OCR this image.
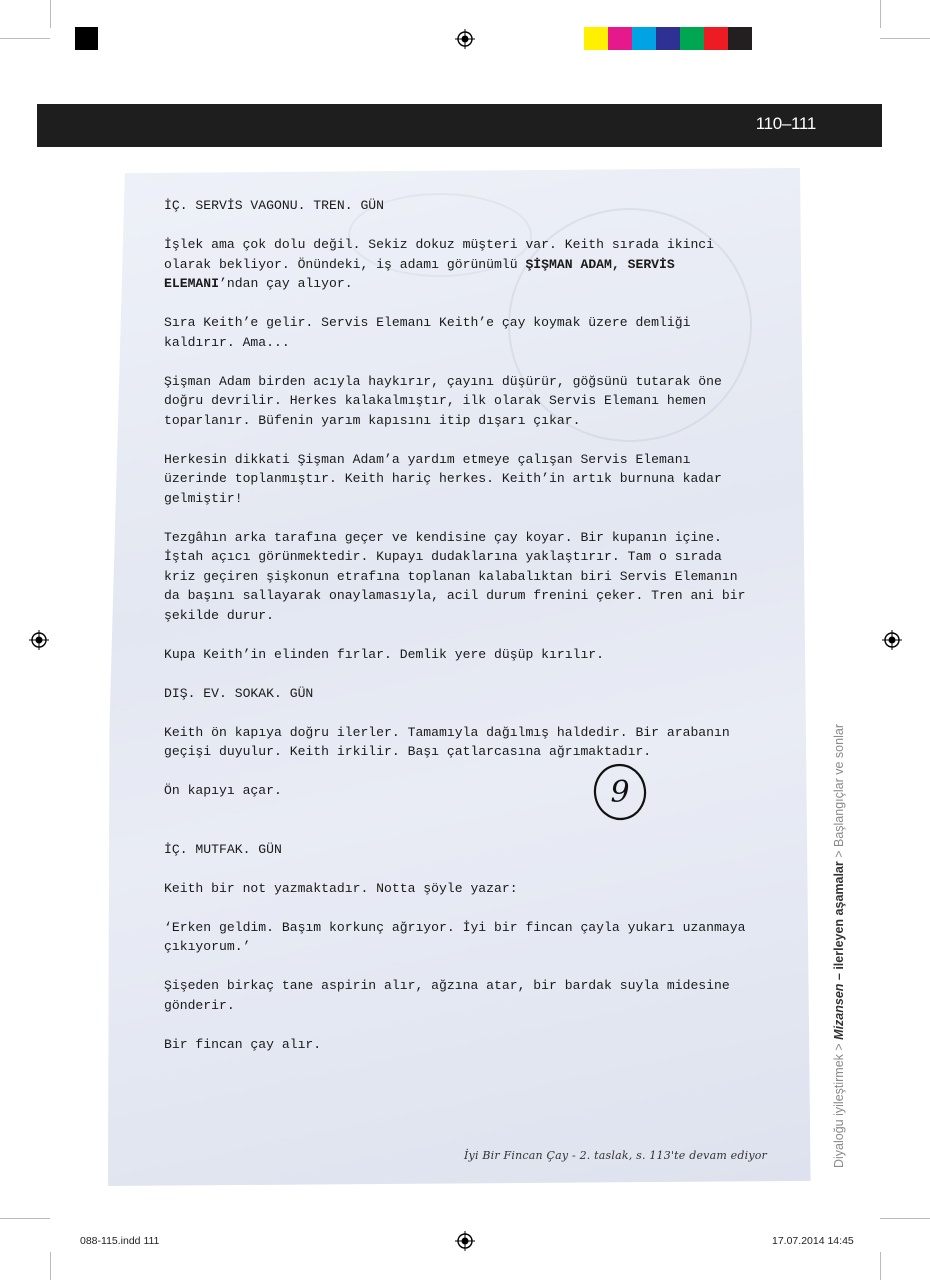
110–111

İÇ. SERVİS VAGONU. TREN. GÜN

İşlek ama çok dolu değil. Sekiz dokuz müşteri var. Keith sırada ikinci
olarak bekliyor. Önündeki, iş adamı görünümlü ŞİŞMAN ADAM, SERVİS
ELEMANI’ndan çay alıyor.

Sıra Keith’e gelir. Servis Elemanı Keith’e çay koymak üzere demliği
kaldırır. Ama...

Şişman Adam birden acıyla haykırır, çayını düşürür, göğsünü tutarak öne
doğru devrilir. Herkes kalakalmıştır, ilk olarak Servis Elemanı hemen
toparlanır. Büfenin yarım kapısını itip dışarı çıkar.

Herkesin dikkati Şişman Adam’a yardım etmeye çalışan Servis Elemanı
üzerinde toplanmıştır. Keith hariç herkes. Keith’in artık burnuna kadar
gelmiştir!

Tezgâhın arka tarafına geçer ve kendisine çay koyar. Bir kupanın içine.
İştah açıcı görünmektedir. Kupayı dudaklarına yaklaştırır. Tam o sırada
kriz geçiren şişkonun etrafına toplanan kalabalıktan biri Servis Elemanın
da başını sallayarak onaylamasıyla, acil durum frenini çeker. Tren ani bir
şekilde durur.

Kupa Keith’in elinden fırlar. Demlik yere düşüp kırılır.

DIŞ. EV. SOKAK. GÜN

Keith ön kapıya doğru ilerler. Tamamıyla dağılmış haldedir. Bir arabanın
geçişi duyulur. Keith irkilir. Başı çatlarcasına ağrımaktadır.

Ön kapıyı açar.

İÇ. MUTFAK. GÜN

Keith bir not yazmaktadır. Notta şöyle yazar:

‘Erken geldim. Başım korkunç ağrıyor. İyi bir fincan çayla yukarı uzanmaya
çıkıyorum.’

Şişeden birkaç tane aspirin alır, ağzına atar, bir bardak suyla midesine
gönderir.

Bir fincan çay alır.

9
İyi Bir Fincan Çay - 2. taslak, s. 113'te devam ediyor	Diyaloğu iyileştirmek > Mizansen – ilerleyen aşamalar > Başlangıçlar ve sonlar
088-115.indd 111	17.07.2014 14:45
